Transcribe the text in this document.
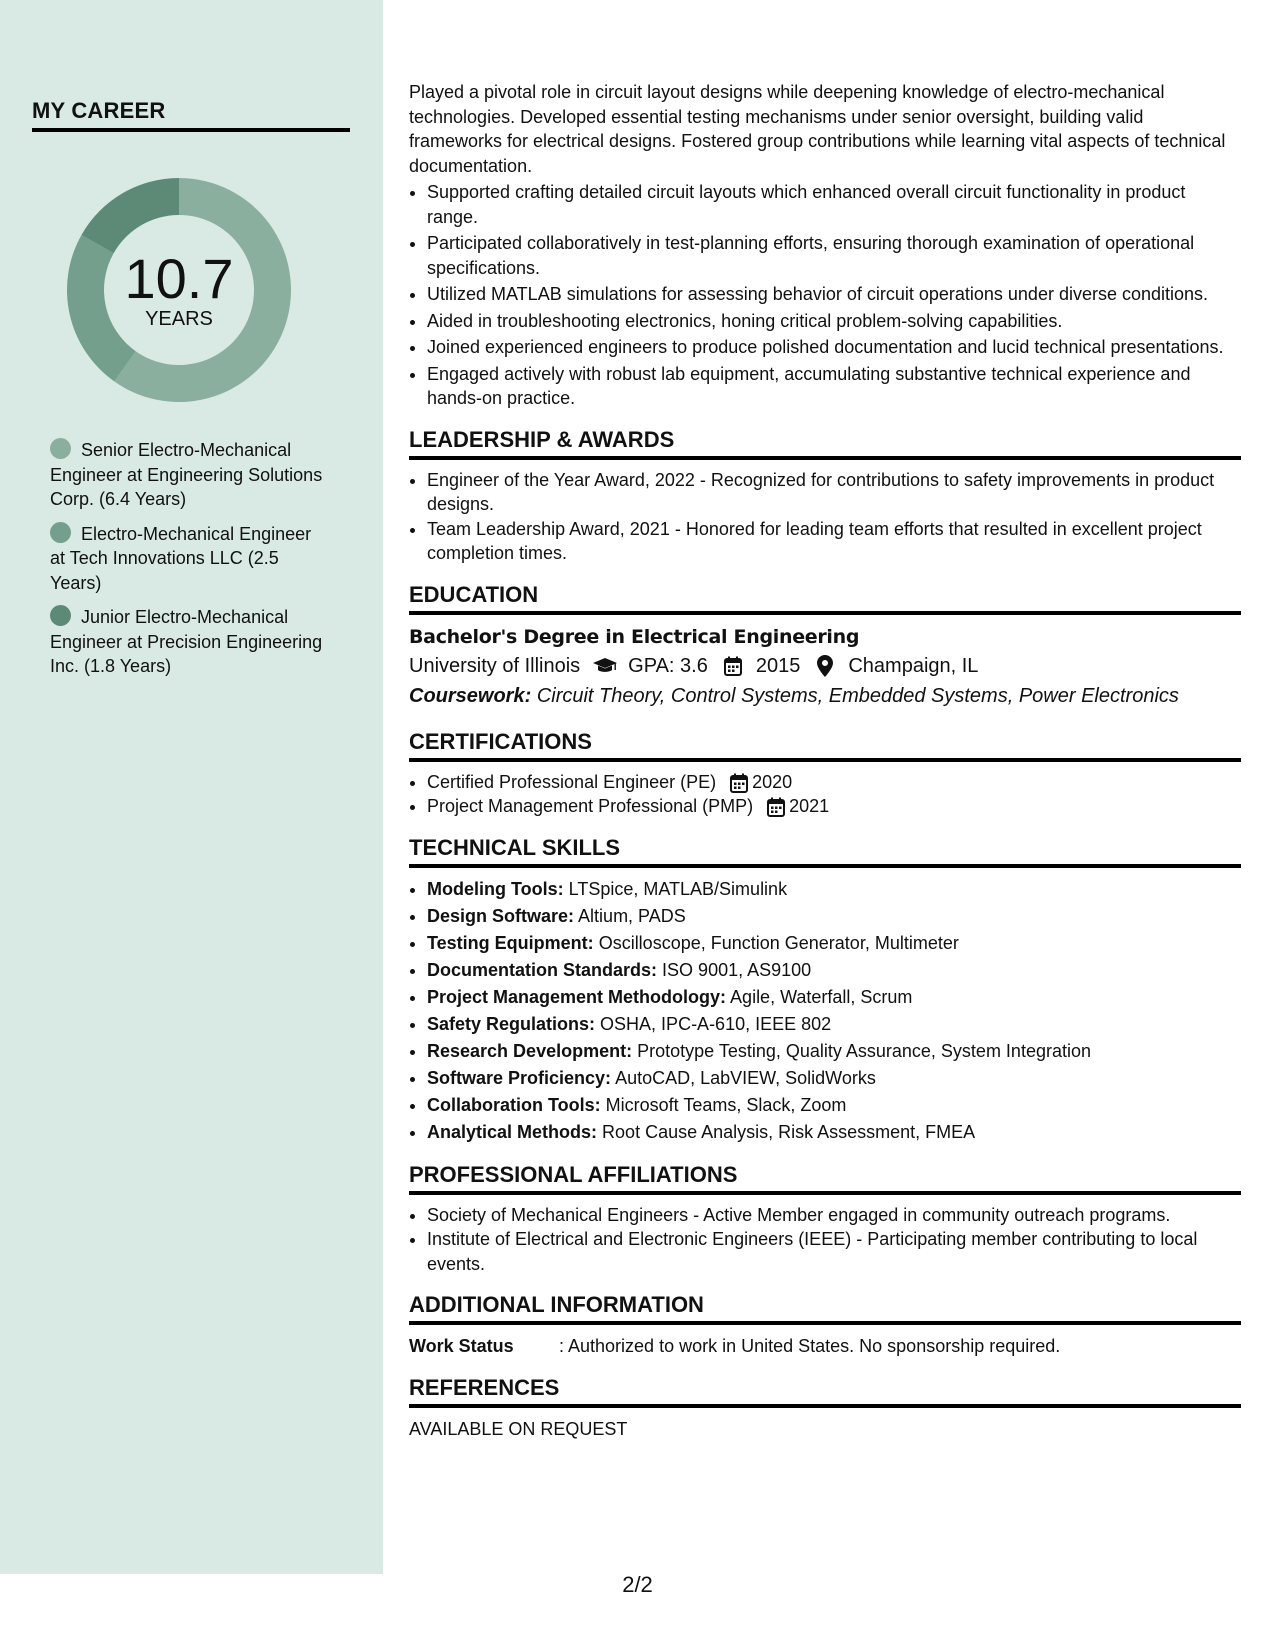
MY CAREER
10.7
YEARS
Senior Electro-Mechanical Engineer at Engineering Solutions Corp. (6.4 Years)
Electro-Mechanical Engineer at Tech Innovations LLC (2.5 Years)
Junior Electro-Mechanical Engineer at Precision Engineering Inc. (1.8 Years)
Played a pivotal role in circuit layout designs while deepening knowledge of electro-mechanical technologies. Developed essential testing mechanisms under senior oversight, building valid frameworks for electrical designs. Fostered group contributions while learning vital aspects of technical documentation.
• Supported crafting detailed circuit layouts which enhanced overall circuit functionality in product range.
• Participated collaboratively in test-planning efforts, ensuring thorough examination of operational specifications.
• Utilized MATLAB simulations for assessing behavior of circuit operations under diverse conditions.
• Aided in troubleshooting electronics, honing critical problem-solving capabilities.
• Joined experienced engineers to produce polished documentation and lucid technical presentations.
• Engaged actively with robust lab equipment, accumulating substantive technical experience and hands-on practice.
LEADERSHIP & AWARDS
• Engineer of the Year Award, 2022 - Recognized for contributions to safety improvements in product designs.
• Team Leadership Award, 2021 - Honored for leading team efforts that resulted in excellent project completion times.
EDUCATION
Bachelor's Degree in Electrical Engineering
University of Illinois GPA: 3.6 2015 Champaign, IL
Coursework: Circuit Theory, Control Systems, Embedded Systems, Power Electronics
CERTIFICATIONS
• Certified Professional Engineer (PE) 2020
• Project Management Professional (PMP) 2021
TECHNICAL SKILLS
• Modeling Tools: LTSpice, MATLAB/Simulink
• Design Software: Altium, PADS
• Testing Equipment: Oscilloscope, Function Generator, Multimeter
• Documentation Standards: ISO 9001, AS9100
• Project Management Methodology: Agile, Waterfall, Scrum
• Safety Regulations: OSHA, IPC-A-610, IEEE 802
• Research Development: Prototype Testing, Quality Assurance, System Integration
• Software Proficiency: AutoCAD, LabVIEW, SolidWorks
• Collaboration Tools: Microsoft Teams, Slack, Zoom
• Analytical Methods: Root Cause Analysis, Risk Assessment, FMEA
PROFESSIONAL AFFILIATIONS
• Society of Mechanical Engineers - Active Member engaged in community outreach programs.
• Institute of Electrical and Electronic Engineers (IEEE) - Participating member contributing to local events.
ADDITIONAL INFORMATION
Work Status	: Authorized to work in United States. No sponsorship required.
REFERENCES
AVAILABLE ON REQUEST
2/2
